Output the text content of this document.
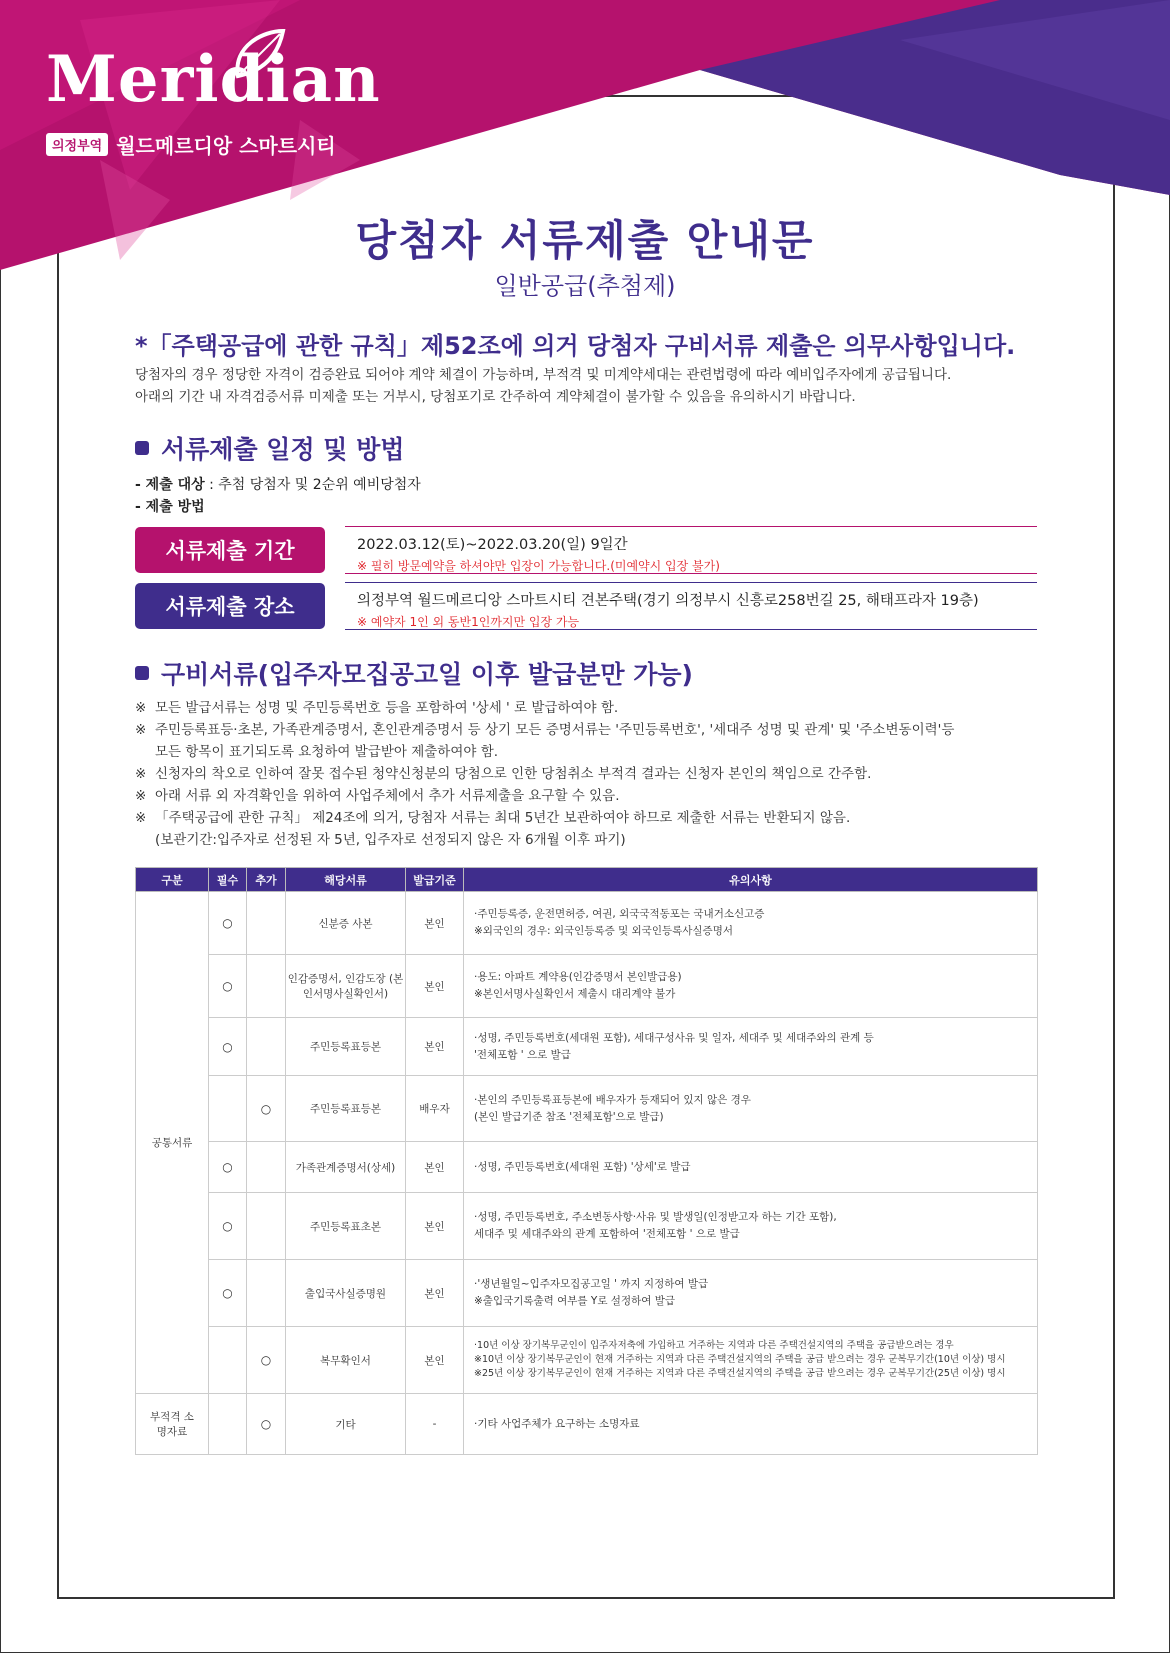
Meridian
의정부역 월드메르디앙 스마트시티
당첨자 서류제출 안내문
일반공급(추첨제)
*「주택공급에 관한 규칙」제52조에 의거 당첨자 구비서류 제출은 의무사항입니다.
당첨자의 경우 정당한 자격이 검증완료 되어야 계약 체결이 가능하며, 부적격 및 미계약세대는 관련법령에 따라 예비입주자에게 공급됩니다.
아래의 기간 내 자격검증서류 미제출 또는 거부시, 당첨포기로 간주하여 계약체결이 불가할 수 있음을 유의하시기 바랍니다.
서류제출 일정 및 방법
- 제출 대상 : 추첨 당첨자 및 2순위 예비당첨자
- 제출 방법
서류제출 기간	2022.03.12(토)~2022.03.20(일) 9일간
※ 필히 방문예약을 하셔야만 입장이 가능합니다.(미예약시 입장 불가)
서류제출 장소	의정부역 월드메르디앙 스마트시티 견본주택(경기 의정부시 신흥로258번길 25, 해태프라자 19층)
※ 예약자 1인 외 동반1인까지만 입장 가능
구비서류(입주자모집공고일 이후 발급분만 가능)
※ 모든 발급서류는 성명 및 주민등록번호 등을 포함하여 '상세 ' 로 발급하여야 함.
※ 주민등록표등·초본, 가족관계증명서, 혼인관계증명서 등 상기 모든 증명서류는 '주민등록번호', '세대주 성명 및 관계' 및 '주소변동이력'등
모든 항목이 표기되도록 요청하여 발급받아 제출하여야 함.
※ 신청자의 착오로 인하여 잘못 접수된 청약신청분의 당첨으로 인한 당첨취소 부적격 결과는 신청자 본인의 책임으로 간주함.
※ 아래 서류 외 자격확인을 위하여 사업주체에서 추가 서류제출을 요구할 수 있음.
※ 「주택공급에 관한 규칙」 제24조에 의거, 당첨자 서류는 최대 5년간 보관하여야 하므로 제출한 서류는 반환되지 않음.
(보관기간:입주자로 선정된 자 5년, 입주자로 선정되지 않은 자 6개월 이후 파기)
구분	필수	추가	해당서류	발급기준	유의사항
공통서류	○		신분증 사본	본인	·주민등록증, 운전면허증, 여권, 외국국적동포는 국내거소신고증
※외국인의 경우: 외국인등록증 및 외국인등록사실증명서

	○		인감증명서, 인감도장 (본인서명사실확인서)	본인	·용도: 아파트 계약용(인감증명서 본인발급용)
※본인서명사실확인서 제출시 대리계약 불가

	○		주민등록표등본	본인	·성명, 주민등록번호(세대원 포함), 세대구성사유 및 일자, 세대주 및 세대주와의 관계 등
'전체포함 ' 으로 발급

		○	주민등록표등본	배우자	·본인의 주민등록표등본에 배우자가 등재되어 있지 않은 경우
(본인 발급기준 참조 '전체포함'으로 발급)

	○		가족관계증명서(상세)	본인	·성명, 주민등록번호(세대원 포함) '상세'로 발급

	○		주민등록표초본	본인	·성명, 주민등록번호, 주소변동사항·사유 및 발생일(인정받고자 하는 기간 포함),
세대주 및 세대주와의 관계 포함하여 '전체포함 ' 으로 발급

	○		출입국사실증명원	본인	·'생년월일~입주자모집공고일 ' 까지 지정하여 발급
※출입국기록출력 여부를 Y로 설정하여 발급

		○	복무확인서	본인	·10년 이상 장기복무군인이 입주자저축에 가입하고 거주하는 지역과 다른 주택건설지역의 주택을 공급받으려는 경우
※10년 이상 장기복무군인이 현재 거주하는 지역과 다른 주택건설지역의 주택을 공급 받으려는 경우 군복무기간(10년 이상) 명시
※25년 이상 장기복무군인이 현재 거주하는 지역과 다른 주택건설지역의 주택을 공급 받으려는 경우 군복무기간(25년 이상) 명시

부적격 소명자료		○	기타	-	·기타 사업주체가 요구하는 소명자료
